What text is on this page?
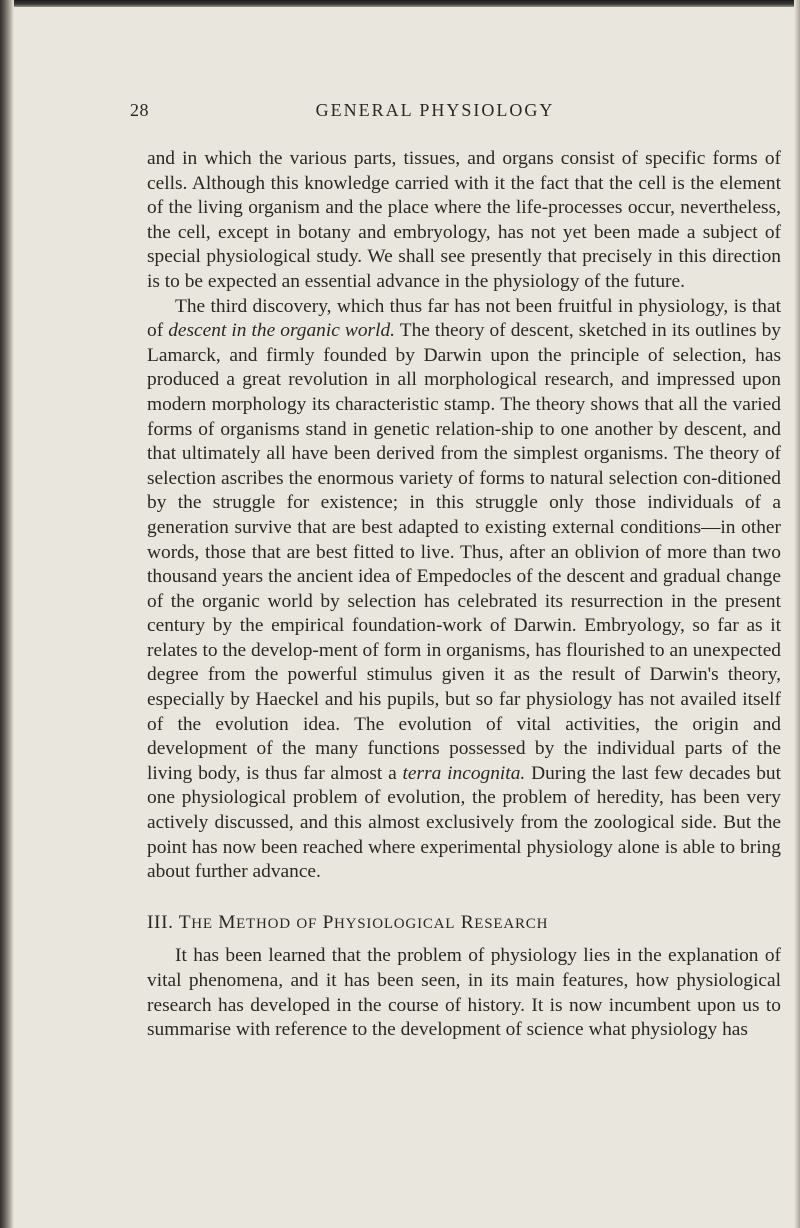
28	GENERAL PHYSIOLOGY

and in which the various parts, tissues, and organs consist of specific forms of cells. Although this knowledge carried with it the fact that the cell is the element of the living organism and the place where the life-processes occur, nevertheless, the cell, except in botany and embryology, has not yet been made a subject of special physiological study. We shall see presently that precisely in this direction is to be expected an essential advance in the physiology of the future.

The third discovery, which thus far has not been fruitful in physiology, is that of descent in the organic world. The theory of descent, sketched in its outlines by Lamarck, and firmly founded by Darwin upon the principle of selection, has produced a great revolution in all morphological research, and impressed upon modern morphology its characteristic stamp. The theory shows that all the varied forms of organisms stand in genetic relation-ship to one another by descent, and that ultimately all have been derived from the simplest organisms. The theory of selection ascribes the enormous variety of forms to natural selection con-ditioned by the struggle for existence; in this struggle only those individuals of a generation survive that are best adapted to existing external conditions—in other words, those that are best fitted to live. Thus, after an oblivion of more than two thousand years the ancient idea of Empedocles of the descent and gradual change of the organic world by selection has celebrated its resurrection in the present century by the empirical foundation-work of Darwin. Embryology, so far as it relates to the develop-ment of form in organisms, has flourished to an unexpected degree from the powerful stimulus given it as the result of Darwin's theory, especially by Haeckel and his pupils, but so far physiology has not availed itself of the evolution idea. The evolution of vital activities, the origin and development of the many functions possessed by the individual parts of the living body, is thus far almost a terra incognita. During the last few decades but one physiological problem of evolution, the problem of heredity, has been very actively discussed, and this almost exclusively from the zoological side. But the point has now been reached where experimental physiology alone is able to bring about further advance.

III. THE METHOD OF PHYSIOLOGICAL RESEARCH

It has been learned that the problem of physiology lies in the explanation of vital phenomena, and it has been seen, in its main features, how physiological research has developed in the course of history. It is now incumbent upon us to summarise with reference to the development of science what physiology has
